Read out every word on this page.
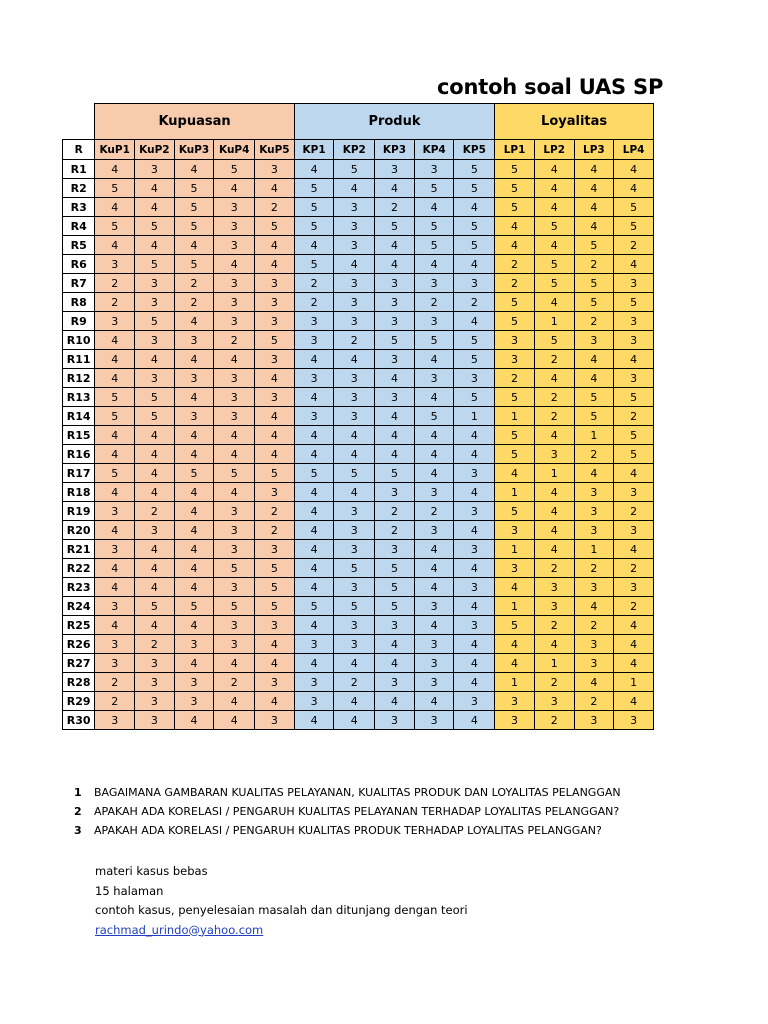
contoh soal UAS SP
	Kupuasan					Produk					Loyalitas			
R	KuP1	KuP2	KuP3	KuP4	KuP5	KP1	KP2	KP3	KP4	KP5	LP1	LP2	LP3	LP4
R1	4	3	4	5	3	4	5	3	3	5	5	4	4	4
R2	5	4	5	4	4	5	4	4	5	5	5	4	4	4
R3	4	4	5	3	2	5	3	2	4	4	5	4	4	5
R4	5	5	5	3	5	5	3	5	5	5	4	5	4	5
R5	4	4	4	3	4	4	3	4	5	5	4	4	5	2
R6	3	5	5	4	4	5	4	4	4	4	2	5	2	4
R7	2	3	2	3	3	2	3	3	3	3	2	5	5	3
R8	2	3	2	3	3	2	3	3	2	2	5	4	5	5
R9	3	5	4	3	3	3	3	3	3	4	5	1	2	3
R10	4	3	3	2	5	3	2	5	5	5	3	5	3	3
R11	4	4	4	4	3	4	4	3	4	5	3	2	4	4
R12	4	3	3	3	4	3	3	4	3	3	2	4	4	3
R13	5	5	4	3	3	4	3	3	4	5	5	2	5	5
R14	5	5	3	3	4	3	3	4	5	1	1	2	5	2
R15	4	4	4	4	4	4	4	4	4	4	5	4	1	5
R16	4	4	4	4	4	4	4	4	4	4	5	3	2	5
R17	5	4	5	5	5	5	5	5	4	3	4	1	4	4
R18	4	4	4	4	3	4	4	3	3	4	1	4	3	3
R19	3	2	4	3	2	4	3	2	2	3	5	4	3	2
R20	4	3	4	3	2	4	3	2	3	4	3	4	3	3
R21	3	4	4	3	3	4	3	3	4	3	1	4	1	4
R22	4	4	4	5	5	4	5	5	4	4	3	2	2	2
R23	4	4	4	3	5	4	3	5	4	3	4	3	3	3
R24	3	5	5	5	5	5	5	5	3	4	1	3	4	2
R25	4	4	4	3	3	4	3	3	4	3	5	2	2	4
R26	3	2	3	3	4	3	3	4	3	4	4	4	3	4
R27	3	3	4	4	4	4	4	4	3	4	4	1	3	4
R28	2	3	3	2	3	3	2	3	3	4	1	2	4	1
R29	2	3	3	4	4	3	4	4	4	3	3	3	2	4
R30	3	3	4	4	3	4	4	3	3	4	3	2	3	3
1 BAGAIMANA GAMBARAN KUALITAS PELAYANAN, KUALITAS PRODUK DAN LOYALITAS PELANGGAN
2 APAKAH ADA KORELASI / PENGARUH KUALITAS PELAYANAN TERHADAP LOYALITAS PELANGGAN?
3 APAKAH ADA KORELASI / PENGARUH KUALITAS PRODUK TERHADAP LOYALITAS PELANGGAN?
materi kasus bebas
15 halaman
contoh kasus, penyelesaian masalah dan ditunjang dengan teori
rachmad_urindo@yahoo.com
